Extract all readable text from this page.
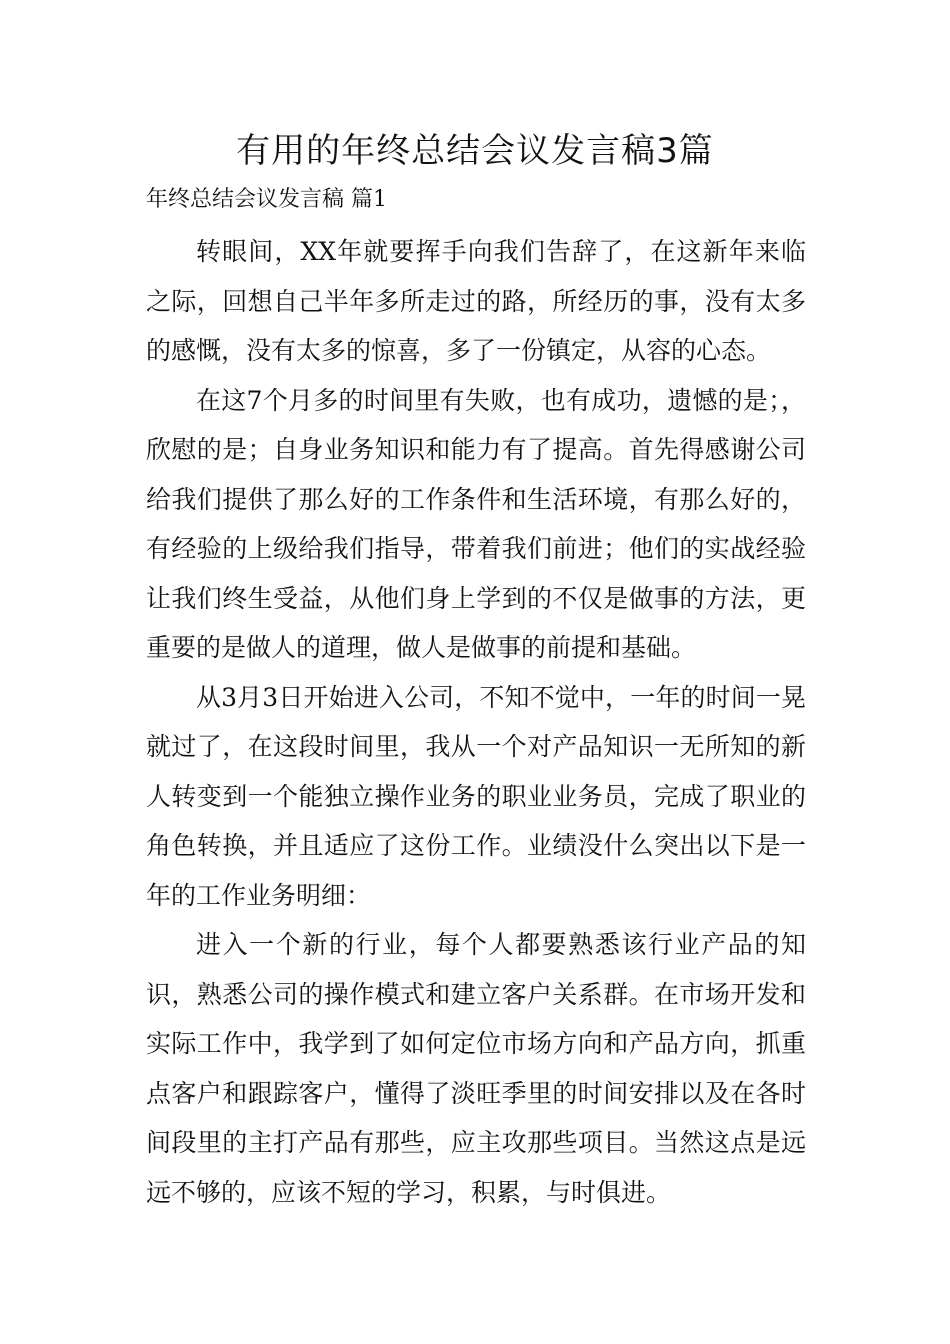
有用的年终总结会议发言稿3篇
年终总结会议发言稿 篇1

转眼间，XX年就要挥手向我们告辞了，在这新年来临之际，回想自己半年多所走过的路，所经历的事，没有太多的感慨，没有太多的惊喜，多了一份镇定，从容的心态。

在这7个月多的时间里有失败，也有成功，遗憾的是；，欣慰的是；自身业务知识和能力有了提高。首先得感谢公司给我们提供了那么好的工作条件和生活环境，有那么好的，有经验的上级给我们指导，带着我们前进；他们的实战经验让我们终生受益，从他们身上学到的不仅是做事的方法，更重要的是做人的道理，做人是做事的前提和基础。

从3月3日开始进入公司，不知不觉中，一年的时间一晃就过了，在这段时间里，我从一个对产品知识一无所知的新人转变到一个能独立操作业务的职业业务员，完成了职业的角色转换，并且适应了这份工作。业绩没什么突出以下是一年的工作业务明细：

进入一个新的行业，每个人都要熟悉该行业产品的知识，熟悉公司的操作模式和建立客户关系群。在市场开发和实际工作中，我学到了如何定位市场方向和产品方向，抓重点客户和跟踪客户，懂得了淡旺季里的时间安排以及在各时间段里的主打产品有那些，应主攻那些项目。当然这点是远远不够的，应该不短的学习，积累，与时俱进。
